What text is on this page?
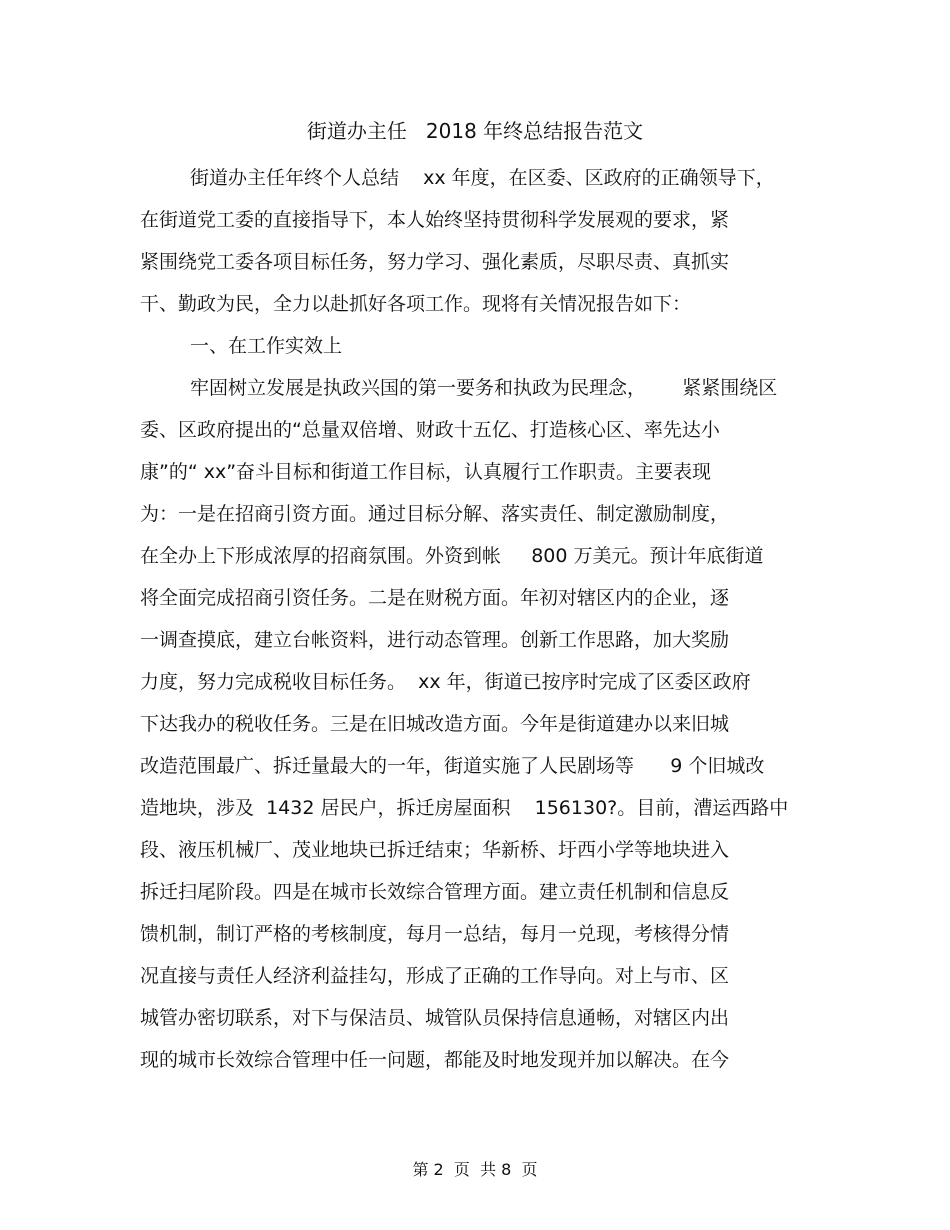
街道办主任   2018 年终总结报告范文
街道办主任年终个人总结    xx 年度，在区委、区政府的正确领导下，
在街道党工委的直接指导下，本人始终坚持贯彻科学发展观的要求，紧
紧围绕党工委各项目标任务，努力学习、强化素质，尽职尽责、真抓实
干、勤政为民，全力以赴抓好各项工作。现将有关情况报告如下：
一、在工作实效上
牢固树立发展是执政兴国的第一要务和执政为民理念，      紧紧围绕区
委、区政府提出的“总量双倍增、财政十五亿、打造核心区、率先达小
康”的“ xx”奋斗目标和街道工作目标，认真履行工作职责。主要表现
为：一是在招商引资方面。通过目标分解、落实责任、制定激励制度，
在全办上下形成浓厚的招商氛围。外资到帐     800 万美元。预计年底街道
将全面完成招商引资任务。二是在财税方面。年初对辖区内的企业，逐
一调查摸底，建立台帐资料，进行动态管理。创新工作思路，加大奖励
力度，努力完成税收目标任务。  xx 年，街道已按序时完成了区委区政府
下达我办的税收任务。三是在旧城改造方面。今年是街道建办以来旧城
改造范围最广、拆迁量最大的一年，街道实施了人民剧场等      9 个旧城改
造地块，涉及  1432 居民户，拆迁房屋面积    156130?。目前，漕运西路中
段、液压机械厂、茂业地块已拆迁结束；华新桥、圩西小学等地块进入
拆迁扫尾阶段。四是在城市长效综合管理方面。建立责任机制和信息反
馈机制，制订严格的考核制度，每月一总结，每月一兑现，考核得分情
况直接与责任人经济利益挂勾，形成了正确的工作导向。对上与市、区
城管办密切联系，对下与保洁员、城管队员保持信息通畅，对辖区内出
现的城市长效综合管理中任一问题，都能及时地发现并加以解决。在今
第 2  页  共 8  页
